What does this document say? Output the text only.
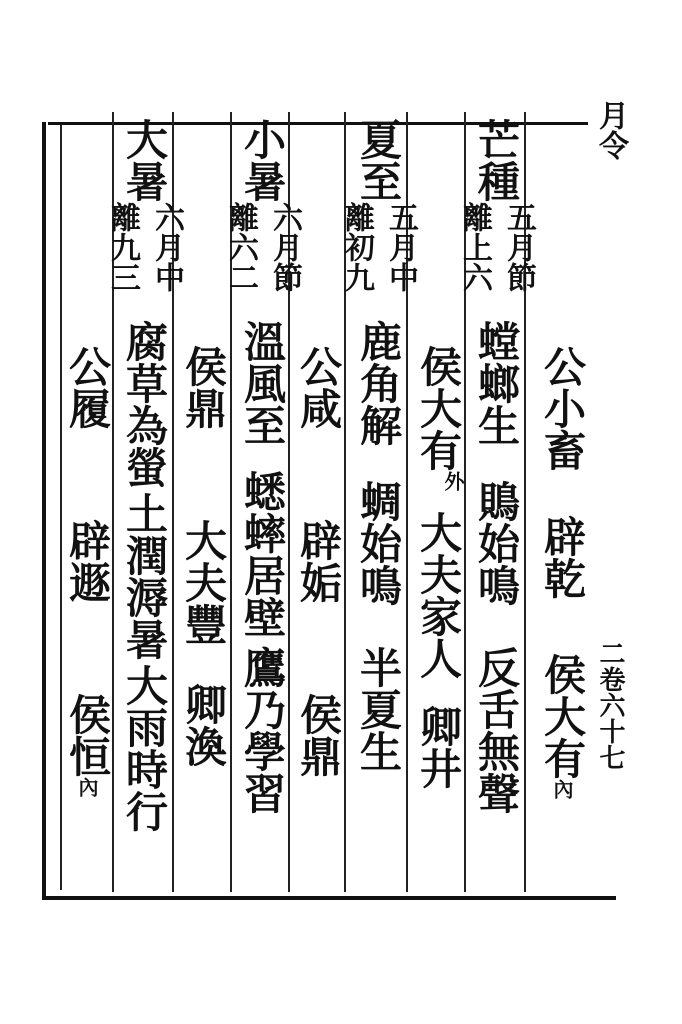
月令
二卷六十七
公小畜
辟乾
侯大有
內
芒種
五月節
離上六
螳螂生
鵙始鳴
反舌無聲
侯大有
外
大夫家人
卿井
夏至
五月中
離初九
鹿角解
蜩始鳴
半夏生
公咸
辟姤
侯鼎
小暑
六月節
離六二
溫風至
蟋蟀居壁
鷹乃學習
侯鼎
大夫豐
卿渙
大暑
六月中
離九三
腐草為螢
土潤溽暑
大雨時行
公履
辟遯
侯恒
內
